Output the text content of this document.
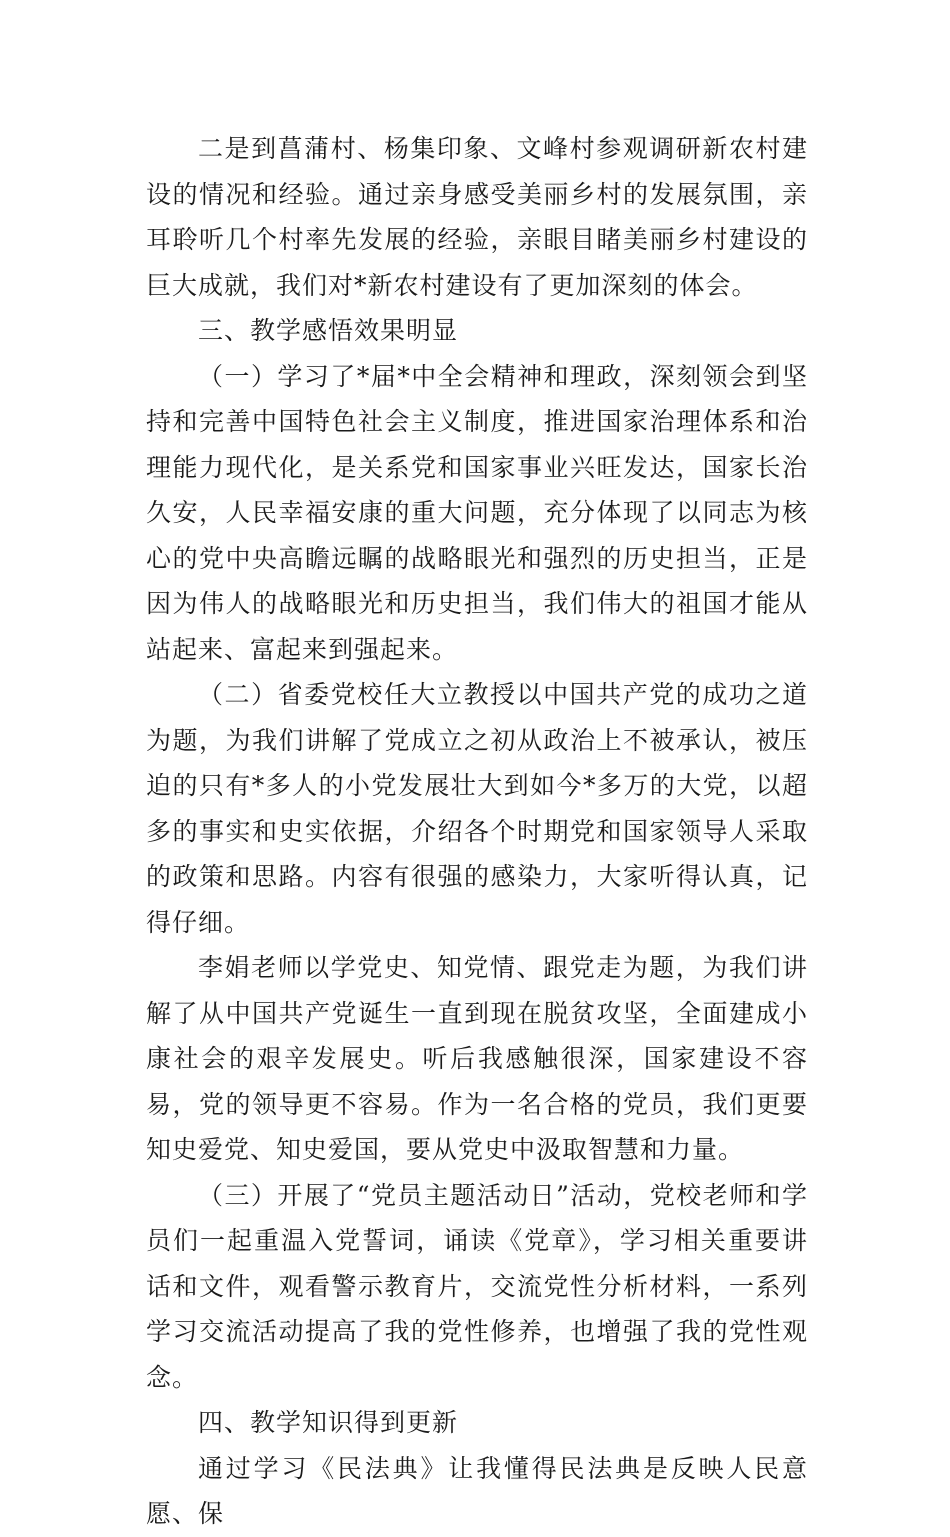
二是到菖蒲村、杨集印象、文峰村参观调研新农村建设的情况和经验。通过亲身感受美丽乡村的发展氛围，亲耳聆听几个村率先发展的经验，亲眼目睹美丽乡村建设的巨大成就，我们对*新农村建设有了更加深刻的体会。

三、教学感悟效果明显

（一）学习了*届*中全会精神和理政，深刻领会到坚持和完善中国特色社会主义制度，推进国家治理体系和治理能力现代化，是关系党和国家事业兴旺发达，国家长治久安，人民幸福安康的重大问题，充分体现了以同志为核心的党中央高瞻远瞩的战略眼光和强烈的历史担当，正是因为伟人的战略眼光和历史担当，我们伟大的祖国才能从站起来、富起来到强起来。

（二）省委党校任大立教授以中国共产党的成功之道为题，为我们讲解了党成立之初从政治上不被承认，被压迫的只有*多人的小党发展壮大到如今*多万的大党，以超多的事实和史实依据，介绍各个时期党和国家领导人采取的政策和思路。内容有很强的感染力，大家听得认真，记得仔细。

李娟老师以学党史、知党情、跟党走为题，为我们讲解了从中国共产党诞生一直到现在脱贫攻坚，全面建成小康社会的艰辛发展史。听后我感触很深，国家建设不容易，党的领导更不容易。作为一名合格的党员，我们更要知史爱党、知史爱国，要从党史中汲取智慧和力量。

（三）开展了“党员主题活动日”活动，党校老师和学员们一起重温入党誓词，诵读《党章》，学习相关重要讲话和文件，观看警示教育片，交流党性分析材料，一系列学习交流活动提高了我的党性修养，也增强了我的党性观念。

四、教学知识得到更新

通过学习《民法典》让我懂得民法典是反映人民意愿、保
